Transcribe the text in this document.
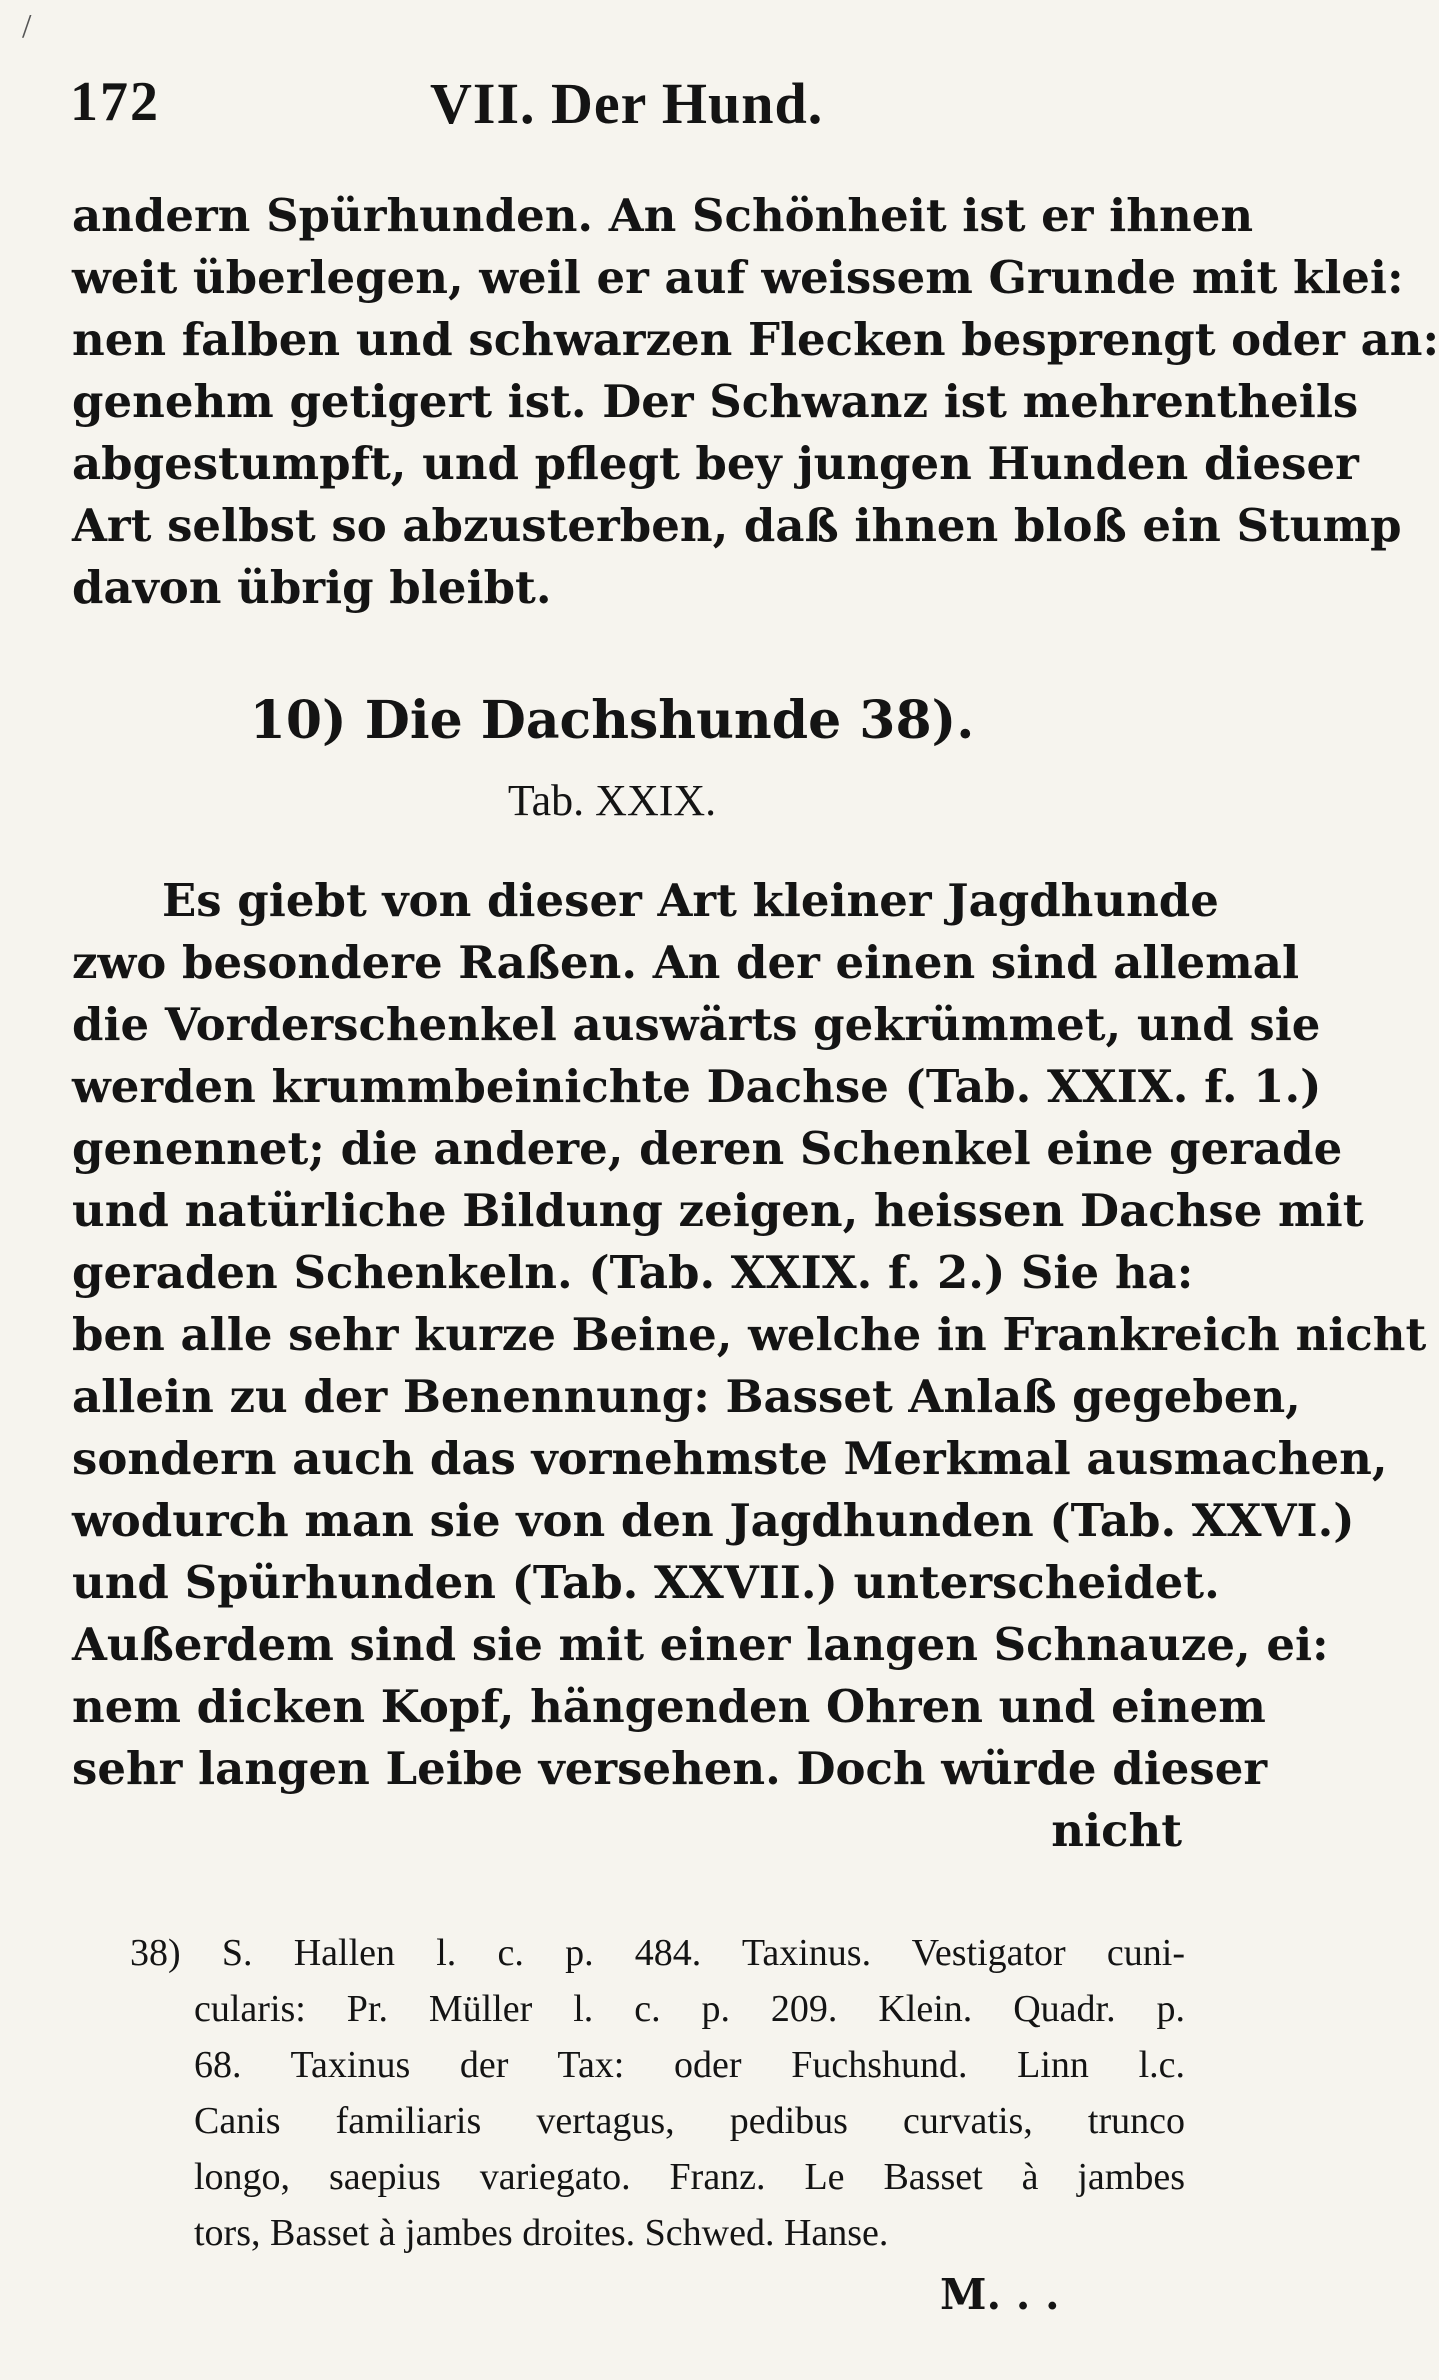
/
172	VII. Der Hund.
andern Spürhunden. An Schönheit ist er ihnen
weit überlegen, weil er auf weissem Grunde mit klei:
nen falben und schwarzen Flecken besprengt oder an:
genehm getigert ist. Der Schwanz ist mehrentheils
abgestumpft, und pflegt bey jungen Hunden dieser
Art selbst so abzusterben, daß ihnen bloß ein Stump
davon übrig bleibt.
10) Die Dachshunde 38).
Tab. XXIX.
Es giebt von dieser Art kleiner Jagdhunde
zwo besondere Raßen. An der einen sind allemal
die Vorderschenkel auswärts gekrümmet, und sie
werden krummbeinichte Dachse (Tab. XXIX. f. 1.)
genennet; die andere, deren Schenkel eine gerade
und natürliche Bildung zeigen, heissen Dachse mit
geraden Schenkeln. (Tab. XXIX. f. 2.) Sie ha:
ben alle sehr kurze Beine, welche in Frankreich nicht
allein zu der Benennung: Basset Anlaß gegeben,
sondern auch das vornehmste Merkmal ausmachen,
wodurch man sie von den Jagdhunden (Tab. XXVI.)
und Spürhunden (Tab. XXVII.) unterscheidet.
Außerdem sind sie mit einer langen Schnauze, ei:
nem dicken Kopf, hängenden Ohren und einem
sehr langen Leibe versehen. Doch würde dieser
nicht
38) S. Hallen l. c. p. 484. Taxinus. Vestigator cuni-
cularis: Pr. Müller l. c. p. 209. Klein. Quadr. p.
68. Taxinus der Tax: oder Fuchshund. Linn l.c.
Canis familiaris vertagus, pedibus curvatis, trunco
longo, saepius variegato. Franz. Le Basset à jambes
tors, Basset à jambes droites. Schwed. Hanse.
M. . .
